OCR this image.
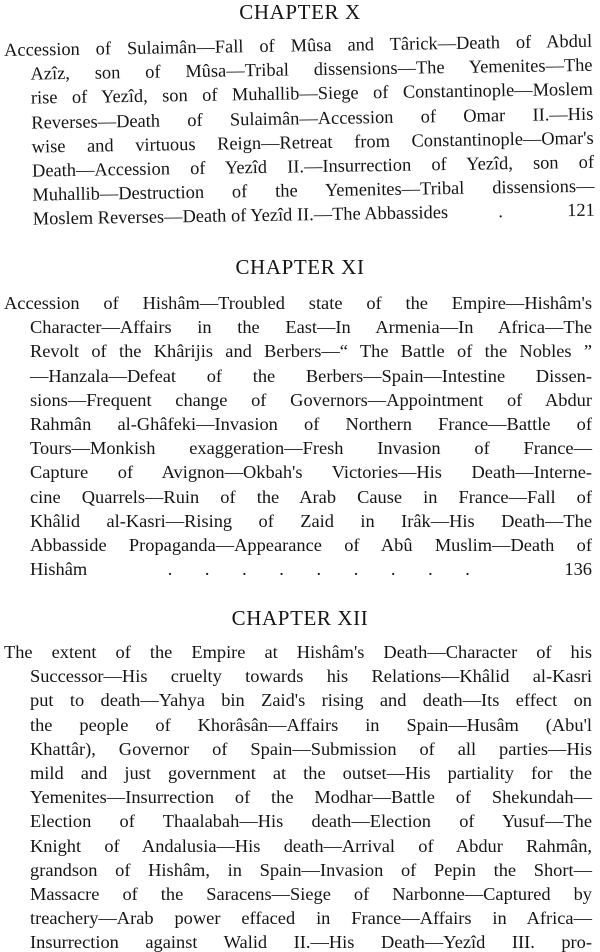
CHAPTER X
Accession of Sulaimân—Fall of Mûsa and Târick—Death of Abdul
Azîz, son of Mûsa—Tribal dissensions—The Yemenites—The
rise of Yezîd, son of Muhallib—Siege of Constantinople—Moslem
Reverses—Death of Sulaimân—Accession of Omar II.—His
wise and virtuous Reign—Retreat from Constantinople—Omar's
Death—Accession of Yezîd II.—Insurrection of Yezîd, son of
Muhallib—Destruction of the Yemenites—Tribal dissensions—
Moslem Reverses—Death of Yezîd II.—The Abbassides	.	121
CHAPTER XI
Accession of Hishâm—Troubled state of the Empire—Hishâm's
Character—Affairs in the East—In Armenia—In Africa—The
Revolt of the Khârijis and Berbers—“ The Battle of the Nobles ”
—Hanzala—Defeat of the Berbers—Spain—Intestine Dissen-
sions—Frequent change of Governors—Appointment of Abdur
Rahmân al-Ghâfeki—Invasion of Northern France—Battle of
Tours—Monkish exaggeration—Fresh Invasion of France—
Capture of Avignon—Okbah's Victories—His Death—Interne-
cine Quarrels—Ruin of the Arab Cause in France—Fall of
Khâlid al-Kasri—Rising of Zaid in Irâk—His Death—The
Abbasside Propaganda—Appearance of Abû Muslim—Death of
Hishâm	. . . . . . . . .	136
CHAPTER XII
The extent of the Empire at Hishâm's Death—Character of his
Successor—His cruelty towards his Relations—Khâlid al-Kasri
put to death—Yahya bin Zaid's rising and death—Its effect on
the people of Khorâsân—Affairs in Spain—Husâm (Abu'l
Khattâr), Governor of Spain—Submission of all parties—His
mild and just government at the outset—His partiality for the
Yemenites—Insurrection of the Modhar—Battle of Shekundah—
Election of Thaalabah—His death—Election of Yusuf—The
Knight of Andalusia—His death—Arrival of Abdur Rahmân,
grandson of Hishâm, in Spain—Invasion of Pepin the Short—
Massacre of the Saracens—Siege of Narbonne—Captured by
treachery—Arab power effaced in France—Affairs in Africa—
Insurrection against Walid II.—His Death—Yezîd III. pro-
